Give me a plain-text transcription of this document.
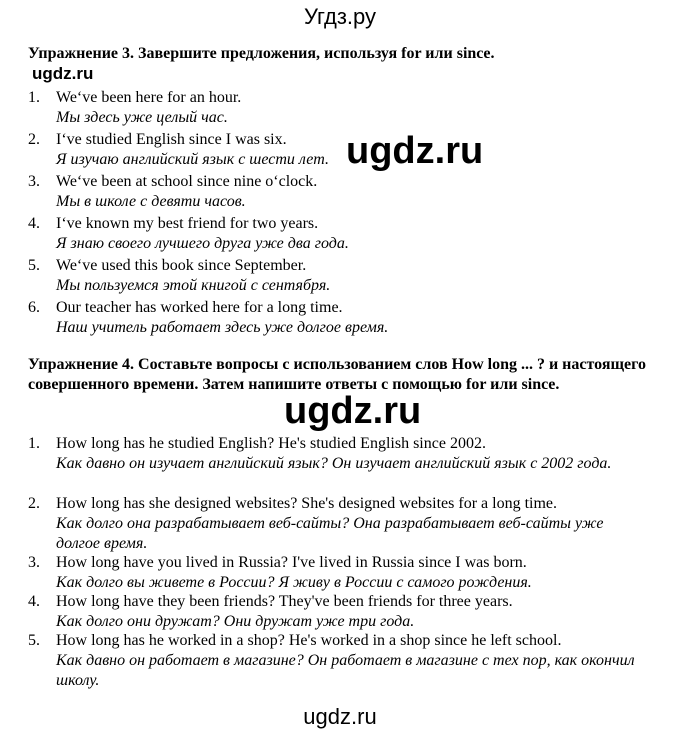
Угдз.ру
Упражнение 3. Завершите предложения, используя for или since.
ugdz.ru
1. We‘ve been here for an hour.
Мы здесь уже целый час.
2. I‘ve studied English since I was six.
Я изучаю английский язык с шести лет.
3. We‘ve been at school since nine o‘clock.
Мы в школе с девяти часов.
4. I‘ve known my best friend for two years.
Я знаю своего лучшего друга уже два года.
5. We‘ve used this book since September.
Мы пользуемся этой книгой с сентября.
6. Our teacher has worked here for a long time.
Наш учитель работает здесь уже долгое время.
ugdz.ru
Упражнение 4. Составьте вопросы с использованием слов How long ... ? и настоящего совершенного времени. Затем напишите ответы с помощью for или since.
ugdz.ru
1. How long has he studied English? He's studied English since 2002.
Как давно он изучает английский язык? Он изучает английский язык с 2002 года.
2. How long has she designed websites? She's designed websites for a long time.
Как долго она разрабатывает веб-сайты? Она разрабатывает веб-сайты уже долгое время.
3. How long have you lived in Russia? I've lived in Russia since I was born.
Как долго вы живете в России? Я живу в России с самого рождения.
4. How long have they been friends? They've been friends for three years.
Как долго они дружат? Они дружат уже три года.
5. How long has he worked in a shop? He's worked in a shop since he left school.
Как давно он работает в магазине? Он работает в магазине с тех пор, как окончил школу.
ugdz.ru
